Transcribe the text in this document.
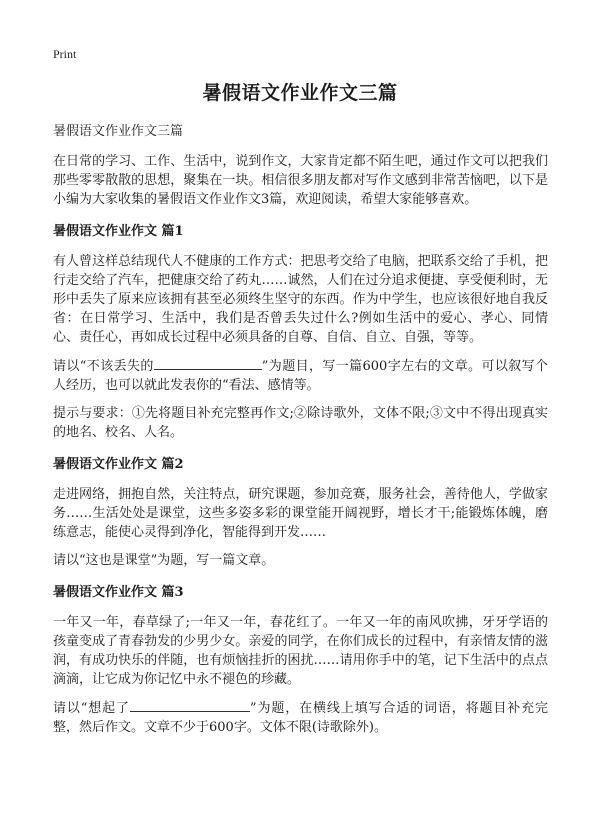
Print
暑假语文作业作文三篇

暑假语文作业作文三篇

在日常的学习、工作、生活中，说到作文，大家肯定都不陌生吧，通过作文可以把我们那些零零散散的思想，聚集在一块。相信很多朋友都对写作文感到非常苦恼吧，以下是小编为大家收集的暑假语文作业作文3篇，欢迎阅读，希望大家能够喜欢。

暑假语文作业作文 篇1

有人曾这样总结现代人不健康的工作方式：把思考交给了电脑，把联系交给了手机，把行走交给了汽车，把健康交给了药丸……诚然，人们在过分追求便捷、享受便利时，无形中丢失了原来应该拥有甚至必须终生坚守的东西。作为中学生，也应该很好地自我反省：在日常学习、生活中，我们是否曾丢失过什么?例如生活中的爱心、孝心、同情心、责任心，再如成长过程中必须具备的自尊、自信、自立、自强，等等。

请以“不该丢失的	”为题目，写一篇600字左右的文章。可以叙写个人经历，也可以就此发表你的“看法、感情等。

提示与要求：①先将题目补充完整再作文;②除诗歌外，文体不限;③文中不得出现真实的地名、校名、人名。

暑假语文作业作文 篇2

走进网络，拥抱自然，关注特点，研究课题，参加竞赛，服务社会，善待他人，学做家务……生活处处是课堂，这些多姿多彩的课堂能开阔视野，增长才干;能锻炼体魄，磨练意志，能使心灵得到净化，智能得到开发……

请以“这也是课堂”为题，写一篇文章。

暑假语文作业作文 篇3

一年又一年，春草绿了;一年又一年，春花红了。一年又一年的南风吹拂，牙牙学语的孩童变成了青春勃发的少男少女。亲爱的同学，在你们成长的过程中，有亲情友情的滋润，有成功快乐的伴随，也有烦恼挂折的困扰……请用你手中的笔，记下生活中的点点滴滴，让它成为你记忆中永不褪色的珍藏。

请以“想起了	”为题，在横线上填写合适的词语，将题目补充完整，然后作文。文章不少于600字。文体不限(诗歌除外)。
